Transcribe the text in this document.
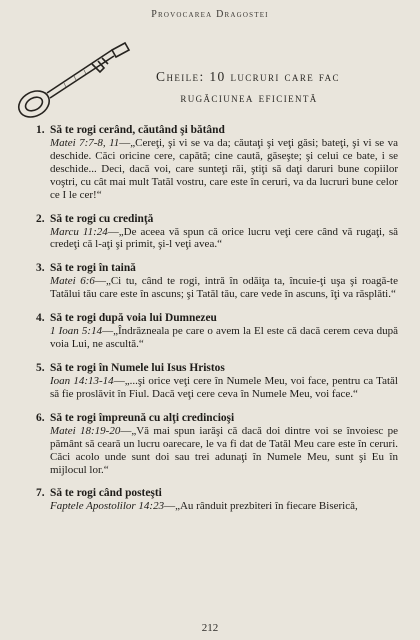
Provocarea Dragostei
Cheile: 10 lucruri care fac
rugăciunea eficientă
1. Să te rogi cerând, căutând şi bătând
Matei 7:7-8, 11—„Cereţi, şi vi se va da; căutaţi şi veţi găsi; bateţi, şi vi se va deschide. Căci oricine cere, capătă; cine caută, găseşte; şi celui ce bate, i se deschide... Deci, dacă voi, care sunteţi răi, ştiţi să daţi daruri bune copiilor voştri, cu cât mai mult Tatăl vostru, care este în ceruri, va da lucruri bune celor ce I le cer!“
2. Să te rogi cu credinţă
Marcu 11:24—„De aceea vă spun că orice lucru veţi cere când vă rugaţi, să credeţi că l-aţi şi primit, şi-l veţi avea.“
3. Să te rogi în taină
Matei 6:6—„Ci tu, când te rogi, intră în odăiţa ta, încuie-ţi uşa şi roagă-te Tatălui tău care este în ascuns; şi Tatăl tău, care vede în ascuns, îţi va răsplăti.“
4. Să te rogi după voia lui Dumnezeu
1 Ioan 5:14—„Îndrăzneala pe care o avem la El este că dacă cerem ceva după voia Lui, ne ascultă.“
5. Să te rogi în Numele lui Isus Hristos
Ioan 14:13-14—„...şi orice veţi cere în Numele Meu, voi face, pentru ca Tatăl să fie proslăvit în Fiul. Dacă veţi cere ceva în Numele Meu, voi face.“
6. Să te rogi împreună cu alţi credincioşi
Matei 18:19-20—„Vă mai spun iarăşi că dacă doi dintre voi se învoiesc pe pământ să ceară un lucru oarecare, le va fi dat de Tatăl Meu care este în ceruri. Căci acolo unde sunt doi sau trei adunaţi în Numele Meu, sunt şi Eu în mijlocul lor.“
7. Să te rogi când posteşti
Faptele Apostolilor 14:23—„Au rânduit prezbiteri în fiecare Biserică,
212
